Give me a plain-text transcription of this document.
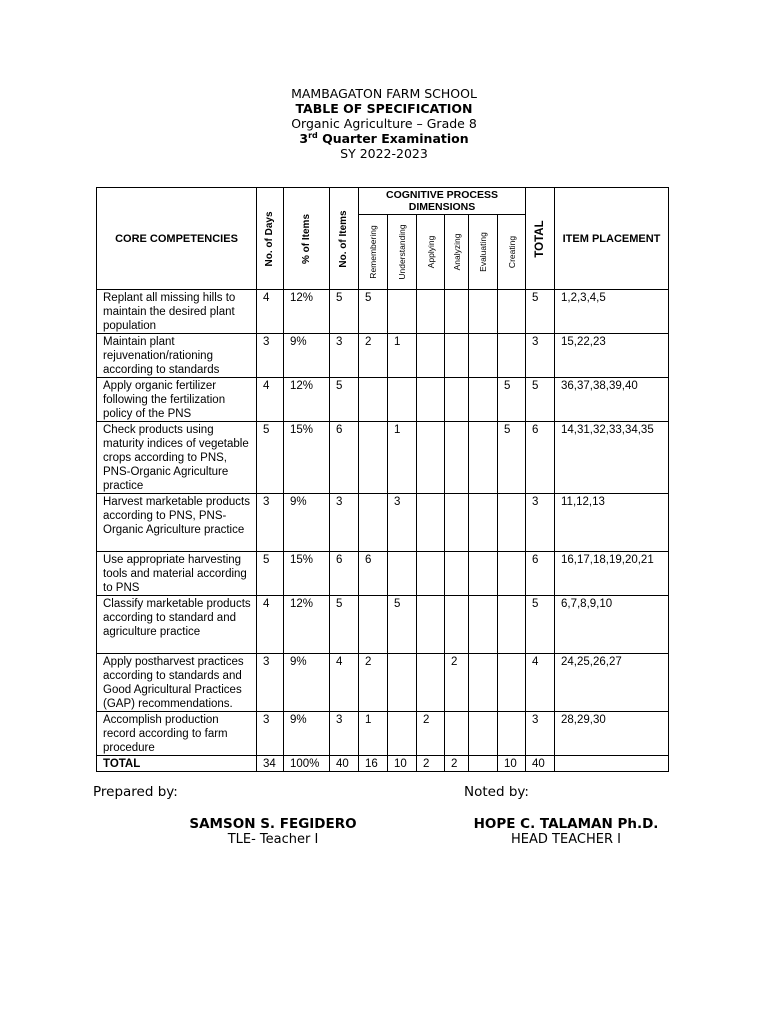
MAMBAGATON FARM SCHOOL
TABLE OF SPECIFICATION
Organic Agriculture – Grade 8
3rd Quarter Examination
SY 2022-2023
CORE COMPETENCIES	No. of Days	% of Items	No. of Items	COGNITIVE PROCESS DIMENSIONS						TOTAL	ITEM PLACEMENT

				Remembering	Understanding	Applying	Analyzing	Evaluating	Creating		

Replant all missing hills to maintain the desired plant population	4	12%	5	5						5	1,2,3,4,5

Maintain plant rejuvenation/rationing according to standards	3	9%	3	2	1					3	15,22,23

Apply organic fertilizer following the fertilization policy of the PNS	4	12%	5						5	5	36,37,38,39,40

Check products using maturity indices of vegetable crops according to PNS, PNS-Organic Agriculture practice	5	15%	6		1				5	6	14,31,32,33,34,35

Harvest marketable products according to PNS, PNS-Organic Agriculture practice	3	9%	3		3					3	11,12,13

Use appropriate harvesting tools and material according to PNS	5	15%	6	6						6	16,17,18,19,20,21

Classify marketable products according to standard and agriculture practice	4	12%	5		5					5	6,7,8,9,10

Apply postharvest practices according to standards and Good Agricultural Practices (GAP) recommendations.	3	9%	4	2			2			4	24,25,26,27

Accomplish production record according to farm procedure	3	9%	3	1		2				3	28,29,30

TOTAL	34	100%	40	16	10	2	2		10	40	

Prepared by:	Noted by:
SAMSON S. FEGIDERO
TLE- Teacher I
HOPE C. TALAMAN Ph.D.
HEAD TEACHER I
